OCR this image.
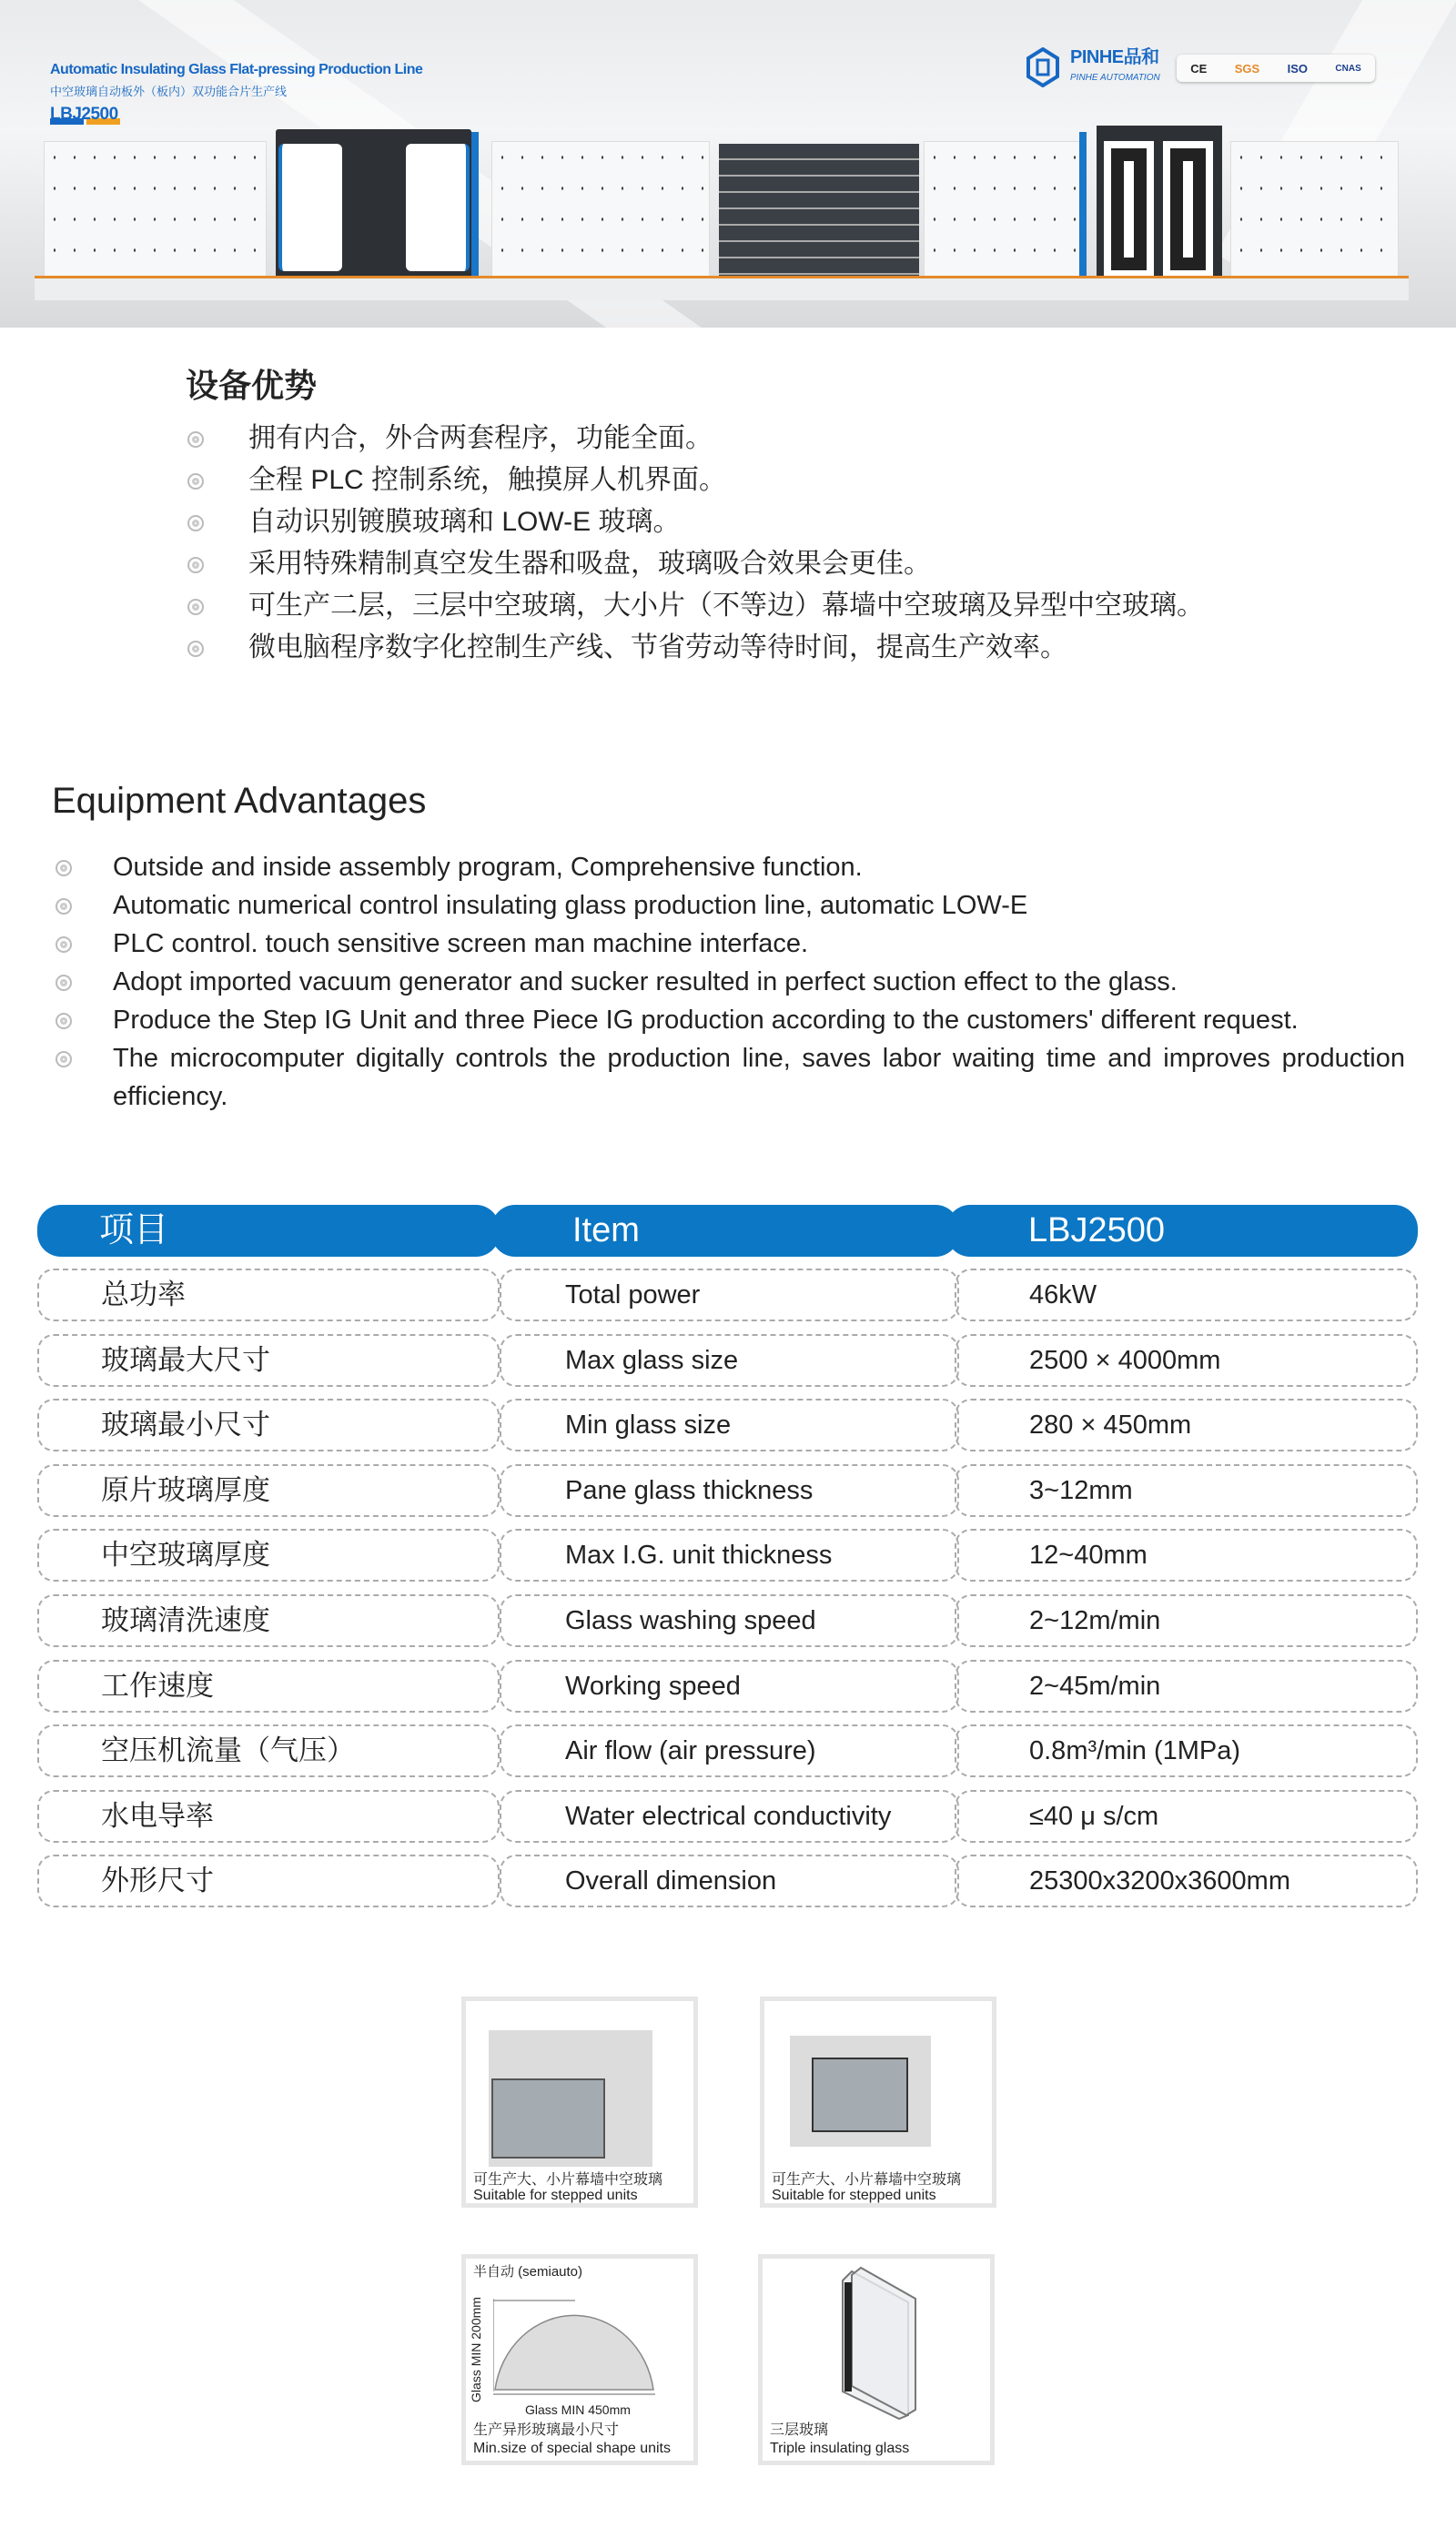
Automatic Insulating Glass Flat-pressing Production Line
中空玻璃自动板外（板内）双功能合片生产线
LBJ2500
PINHE品和
PINHE AUTOMATION
CE SGS ISO	CNAS
设备优势
拥有内合，外合两套程序，功能全面。
全程 PLC 控制系统，触摸屏人机界面。
自动识别镀膜玻璃和 LOW-E 玻璃。
采用特殊精制真空发生器和吸盘，玻璃吸合效果会更佳。
可生产二层，三层中空玻璃，大小片（不等边）幕墙中空玻璃及异型中空玻璃。
微电脑程序数字化控制生产线、节省劳动等待时间，提高生产效率。
Equipment Advantages
Outside and inside assembly program, Comprehensive function.
Automatic numerical control insulating glass production line, automatic LOW-E
PLC control. touch sensitive screen man machine interface.
Adopt imported vacuum generator and sucker resulted in perfect suction effect to the glass.
Produce the Step IG Unit and three Piece IG production according to the customers' different request.
The microcomputer digitally controls the production line, saves labor waiting time and improves production efficiency.
项目	Item	LBJ2500
总功率	Total power	46kW
玻璃最大尺寸	Max glass size	2500 × 4000mm
玻璃最小尺寸	Min glass size	280 × 450mm
原片玻璃厚度	Pane glass thickness	3~12mm
中空玻璃厚度	Max I.G. unit thickness	12~40mm
玻璃清洗速度	Glass washing speed	2~12m/min
工作速度	Working speed	2~45m/min
空压机流量（气压）	Air flow (air pressure)	0.8m³/min (1MPa)
水电导率	Water electrical conductivity	≤40 μ s/cm
外形尺寸	Overall dimension	25300x3200x3600mm
可生产大、小片幕墙中空玻璃
Suitable for stepped units
可生产大、小片幕墙中空玻璃
Suitable for stepped units
半自动 (semiauto)
Glass MIN 200mm
Glass MIN 450mm
生产异形玻璃最小尺寸
Min.size of special shape units
三层玻璃
Triple insulating glass
